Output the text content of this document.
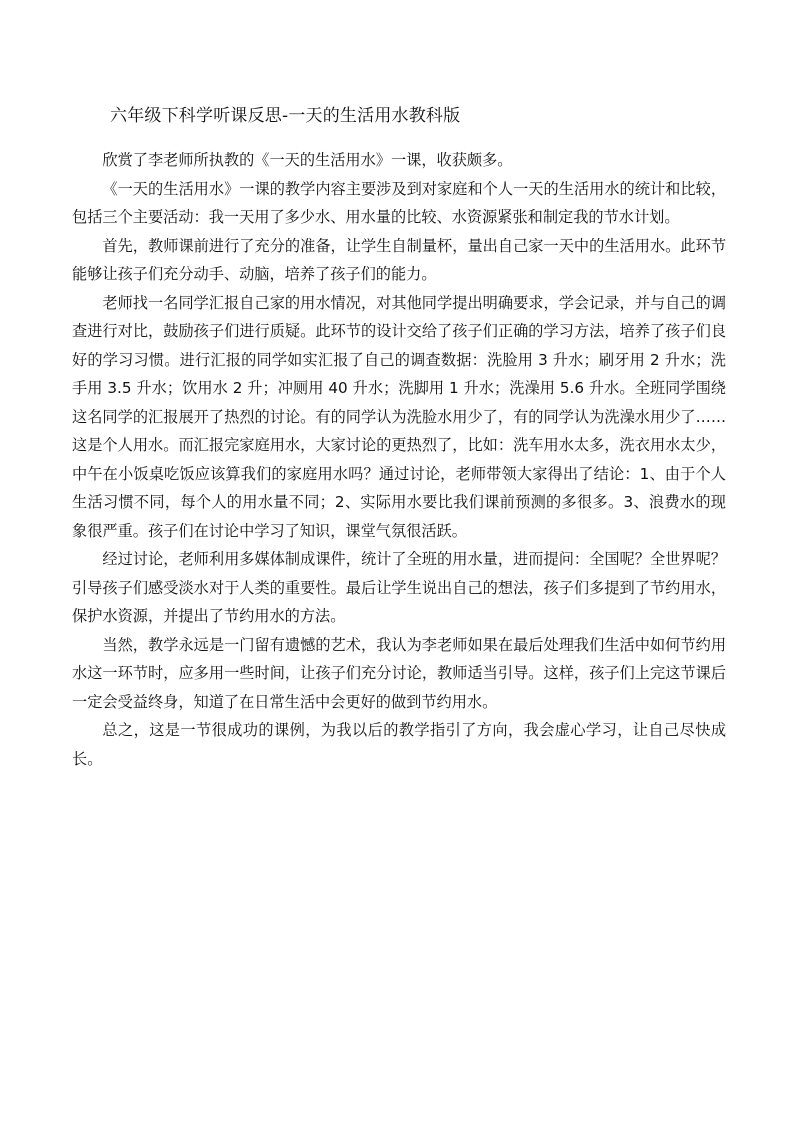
六年级下科学听课反思-一天的生活用水教科版

欣赏了李老师所执教的《一天的生活用水》一课，收获颇多。

《一天的生活用水》一课的教学内容主要涉及到对家庭和个人一天的生活用水的统计和比较，包括三个主要活动：我一天用了多少水、用水量的比较、水资源紧张和制定我的节水计划。

首先，教师课前进行了充分的准备，让学生自制量杯，量出自己家一天中的生活用水。此环节能够让孩子们充分动手、动脑，培养了孩子们的能力。

老师找一名同学汇报自己家的用水情况，对其他同学提出明确要求，学会记录，并与自己的调查进行对比，鼓励孩子们进行质疑。此环节的设计交给了孩子们正确的学习方法，培养了孩子们良好的学习习惯。进行汇报的同学如实汇报了自己的调查数据：洗脸用 3 升水；刷牙用 2 升水；洗手用 3.5 升水；饮用水 2 升；冲厕用 40 升水；洗脚用 1 升水；洗澡用 5.6 升水。全班同学围绕这名同学的汇报展开了热烈的讨论。有的同学认为洗脸水用少了，有的同学认为洗澡水用少了……这是个人用水。而汇报完家庭用水，大家讨论的更热烈了，比如：洗车用水太多，洗衣用水太少，中午在小饭桌吃饭应该算我们的家庭用水吗？通过讨论，老师带领大家得出了结论：1、由于个人生活习惯不同，每个人的用水量不同；2、实际用水要比我们课前预测的多很多。3、浪费水的现象很严重。孩子们在讨论中学习了知识，课堂气氛很活跃。

经过讨论，老师利用多媒体制成课件，统计了全班的用水量，进而提问：全国呢？全世界呢？引导孩子们感受淡水对于人类的重要性。最后让学生说出自己的想法，孩子们多提到了节约用水，保护水资源，并提出了节约用水的方法。

当然，教学永远是一门留有遗憾的艺术，我认为李老师如果在最后处理我们生活中如何节约用水这一环节时，应多用一些时间，让孩子们充分讨论，教师适当引导。这样，孩子们上完这节课后一定会受益终身，知道了在日常生活中会更好的做到节约用水。

总之，这是一节很成功的课例，为我以后的教学指引了方向，我会虚心学习，让自己尽快成长。
